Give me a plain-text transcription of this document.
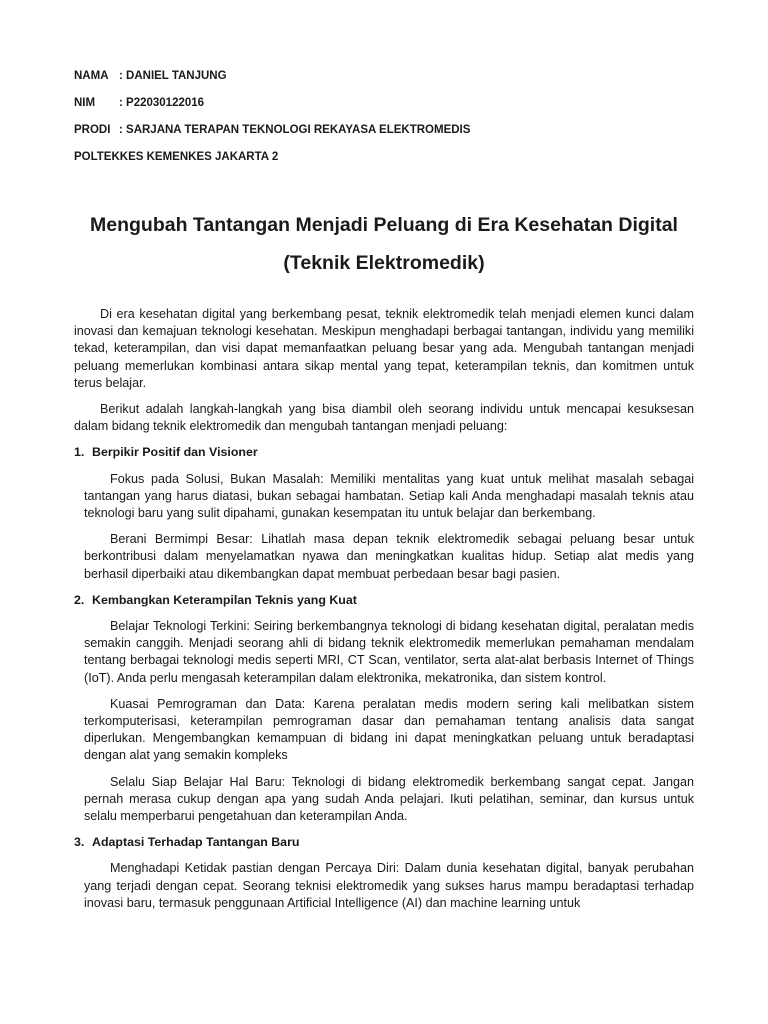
NAMA : DANIEL TANJUNG
NIM : P22030122016
PRODI : SARJANA TERAPAN TEKNOLOGI REKAYASA ELEKTROMEDIS
POLTEKKES KEMENKES JAKARTA 2
Mengubah Tantangan Menjadi Peluang di Era Kesehatan Digital
(Teknik Elektromedik)

Di era kesehatan digital yang berkembang pesat, teknik elektromedik telah menjadi elemen kunci dalam inovasi dan kemajuan teknologi kesehatan. Meskipun menghadapi berbagai tantangan, individu yang memiliki tekad, keterampilan, dan visi dapat memanfaatkan peluang besar yang ada. Mengubah tantangan menjadi peluang memerlukan kombinasi antara sikap mental yang tepat, keterampilan teknis, dan komitmen untuk terus belajar.

Berikut adalah langkah-langkah yang bisa diambil oleh seorang individu untuk mencapai kesuksesan dalam bidang teknik elektromedik dan mengubah tantangan menjadi peluang:

1. Berpikir Positif dan Visioner

Fokus pada Solusi, Bukan Masalah: Memiliki mentalitas yang kuat untuk melihat masalah sebagai tantangan yang harus diatasi, bukan sebagai hambatan. Setiap kali Anda menghadapi masalah teknis atau teknologi baru yang sulit dipahami, gunakan kesempatan itu untuk belajar dan berkembang.

Berani Bermimpi Besar: Lihatlah masa depan teknik elektromedik sebagai peluang besar untuk berkontribusi dalam menyelamatkan nyawa dan meningkatkan kualitas hidup. Setiap alat medis yang berhasil diperbaiki atau dikembangkan dapat membuat perbedaan besar bagi pasien.

2. Kembangkan Keterampilan Teknis yang Kuat

Belajar Teknologi Terkini: Seiring berkembangnya teknologi di bidang kesehatan digital, peralatan medis semakin canggih. Menjadi seorang ahli di bidang teknik elektromedik memerlukan pemahaman mendalam tentang berbagai teknologi medis seperti MRI, CT Scan, ventilator, serta alat-alat berbasis Internet of Things (IoT). Anda perlu mengasah keterampilan dalam elektronika, mekatronika, dan sistem kontrol.

Kuasai Pemrograman dan Data: Karena peralatan medis modern sering kali melibatkan sistem terkomputerisasi, keterampilan pemrograman dasar dan pemahaman tentang analisis data sangat diperlukan. Mengembangkan kemampuan di bidang ini dapat meningkatkan peluang untuk beradaptasi dengan alat yang semakin kompleks

Selalu Siap Belajar Hal Baru: Teknologi di bidang elektromedik berkembang sangat cepat. Jangan pernah merasa cukup dengan apa yang sudah Anda pelajari. Ikuti pelatihan, seminar, dan kursus untuk selalu memperbarui pengetahuan dan keterampilan Anda.

3. Adaptasi Terhadap Tantangan Baru

Menghadapi Ketidak pastian dengan Percaya Diri: Dalam dunia kesehatan digital, banyak perubahan yang terjadi dengan cepat. Seorang teknisi elektromedik yang sukses harus mampu beradaptasi terhadap inovasi baru, termasuk penggunaan Artificial Intelligence (AI) dan machine learning untuk
